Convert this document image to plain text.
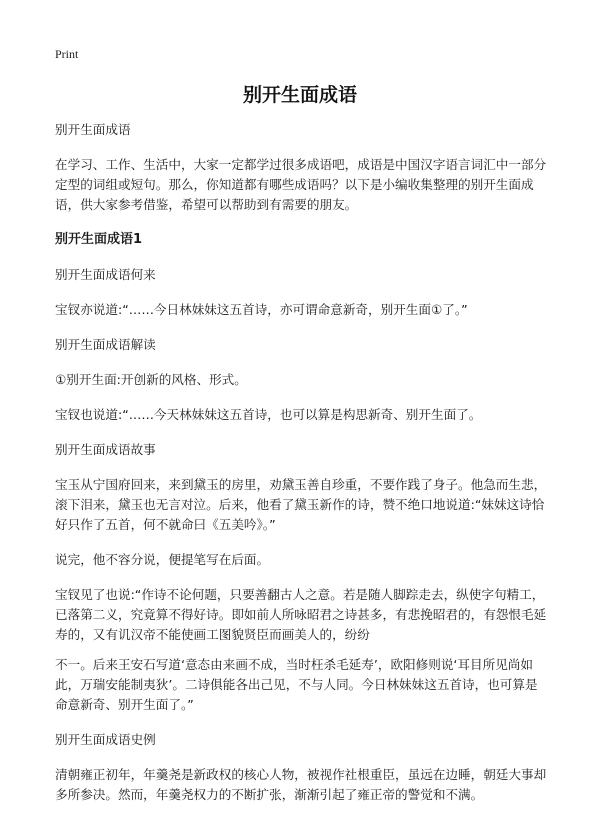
Print
别开生面成语

别开生面成语

在学习、工作、生活中，大家一定都学过很多成语吧，成语是中国汉字语言词汇中一部分定型的词组或短句。那么，你知道都有哪些成语吗？以下是小编收集整理的别开生面成语，供大家参考借鉴，希望可以帮助到有需要的朋友。

别开生面成语1

别开生面成语何来

宝钗亦说道:“……今日林妹妹这五首诗，亦可谓命意新奇，别开生面①了。”

别开生面成语解读

①别开生面:开创新的风格、形式。

宝钗也说道:“……今天林妹妹这五首诗，也可以算是构思新奇、别开生面了。

别开生面成语故事

宝玉从宁国府回来，来到黛玉的房里，劝黛玉善自珍重，不要作践了身子。他急而生悲，滚下泪来，黛玉也无言对泣。后来，他看了黛玉新作的诗，赞不绝口地说道:“妹妹这诗恰好只作了五首，何不就命曰《五美吟》。”

说完，他不容分说，便提笔写在后面。

宝钗见了也说:“作诗不论何题，只要善翻古人之意。若是随人脚踪走去，纵使字句精工，已落第二义，究竟算不得好诗。即如前人所咏昭君之诗甚多，有悲挽昭君的，有怨恨毛延寿的，又有讥汉帝不能使画工图貌贤臣而画美人的，纷纷

不一。后来王安石写道‘意态由来画不成，当时枉杀毛延寿’，欧阳修则说‘耳目所见尚如此，万瑞安能制夷狄’。二诗俱能各出己见，不与人同。今日林妹妹这五首诗，也可算是命意新奇、别开生面了。”

别开生面成语史例

清朝雍正初年，年羹尧是新政权的核心人物，被视作社根重臣，虽远在边睡，朝廷大事却多所参决。然而，年羹尧权力的不断扩张，渐渐引起了雍正帝的警觉和不满。
